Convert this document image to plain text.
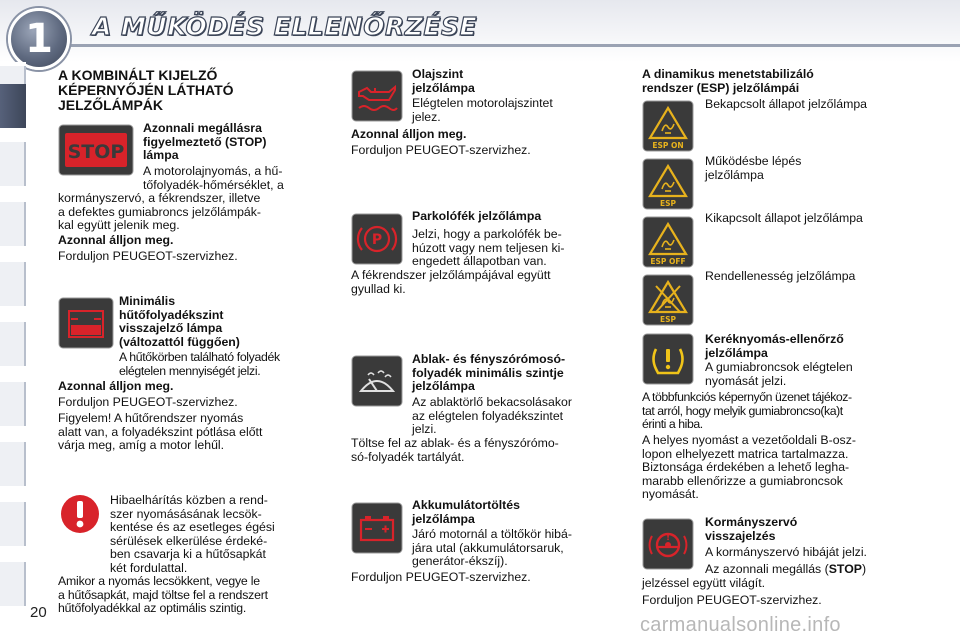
1	A MŰKÖDÉS ELLENŐRZÉSE
A KOMBINÁLT KIJELZŐ
KÉPERNYŐJÉN LÁTHATÓ
JELZŐLÁMPÁK
STOP
Azonnali megállásra
figyelmeztető (STOP)
lámpa
A motorolajnyomás, a hű-
tőfolyadék-hőmérséklet, a
kormányszervó, a fékrendszer, illetve
a defektes gumiabroncs jelzőlámpák-
kal együtt jelenik meg.
Azonnal álljon meg.
Forduljon PEUGEOT-szervizhez.
Minimális
hűtőfolyadékszint
visszajelző lámpa
(változattól függően)
A hűtőkörben található folyadék
elégtelen mennyiségét jelzi.
Azonnal álljon meg.
Forduljon PEUGEOT-szervizhez.
Figyelem! A hűtőrendszer nyomás
alatt van, a folyadékszint pótlása előtt
várja meg, amíg a motor lehűl.
Hibaelhárítás közben a rend-
szer nyomásásának lecsök-
kentése és az esetleges égési
sérülések elkerülése érdeké-
ben csavarja ki a hűtősapkát
két fordulattal.
Amikor a nyomás lecsökkent, vegye le
a hűtősapkát, majd töltse fel a rendszert
hűtőfolyadékkal az optimális szintig.
Olajszint
jelzőlámpa
Elégtelen motorolajszintet
jelez.
Azonnal álljon meg.
Forduljon PEUGEOT-szervizhez.
P
Parkolófék jelzőlámpa
Jelzi, hogy a parkolófék be-
húzott vagy nem teljesen ki-
engedett állapotban van.
A fékrendszer jelzőlámpájával együtt
gyullad ki.
Ablak- és fényszórómosó-
folyadék minimális szintje
jelzőlámpa
Az ablaktörlő bekacsolásakor
az elégtelen folyadékszintet
jelzi.
Töltse fel az ablak- és a fényszórómo-
só-folyadék tartályát.
Akkumulátortöltés
jelzőlámpa
Járó motornál a töltőkör hibá-
jára utal (akkumulátorsaruk,
generátor-ékszíj).
Forduljon PEUGEOT-szervizhez.
A dinamikus menetstabilizáló
rendszer (ESP) jelzőlámpái
ESP ON
ESP
ESP OFF
ESP
Bekapcsolt állapot jelzőlámpa
Működésbe lépés
jelzőlámpa
Kikapcsolt állapot jelzőlámpa
Rendellenesség jelzőlámpa
Keréknyomás-ellenőrző
jelzőlámpa
A gumiabroncsok elégtelen
nyomását jelzi.
A többfunkciós képernyőn üzenet tájékoz-
tat arról, hogy melyik gumiabroncso(ka)t
érinti a hiba.
A helyes nyomást a vezetőoldali B-osz-
lopon elhelyezett matrica tartalmazza.
Biztonsága érdekében a lehető legha-
marabb ellenőrizze a gumiabroncsok
nyomását.
!
Kormányszervó
visszajelzés
A kormányszervó hibáját jelzi.
Az azonnali megállás (STOP)
jelzéssel együtt világít.
Forduljon PEUGEOT-szervizhez.
20
carmanualsonline.info
